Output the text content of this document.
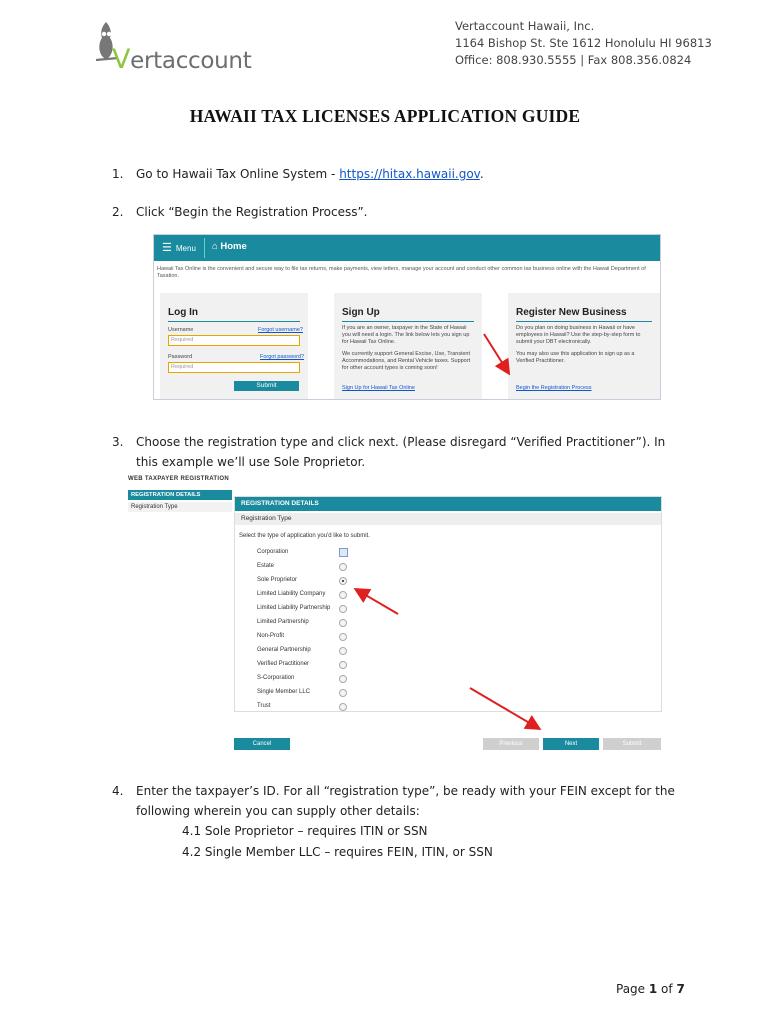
Vertaccount
Vertaccount Hawaii, Inc.
1164 Bishop St. Ste 1612 Honolulu HI 96813
Office: 808.930.5555 | Fax 808.356.0824
HAWAII TAX LICENSES APPLICATION GUIDE
1. Go to Hawaii Tax Online System - https://hitax.hawaii.gov.
2. Click “Begin the Registration Process”.
☰ Menu	⌂ Home
Hawaii Tax Online is the convenient and secure way to file tax returns, make payments, view letters, manage your account and conduct other common tax business online with the Hawaii Department of Taxation.
Log In
Username	Forgot username?
Required
Password	Forgot password?
Required
Submit
Sign Up
If you are an owner, taxpayer in the State of Hawaii you will need a login. The link below lets you sign up for Hawaii Tax Online.
We currently support General Excise, Use, Transient Accommodations, and Rental Vehicle taxes. Support for other account types is coming soon!
Sign Up for Hawaii Tax Online
Register New Business
Do you plan on doing business in Hawaii or have employees in Hawaii? Use the step-by-step form to submit your DBT electronically.
You may also use this application to sign up as a Verified Practitioner.
Begin the Registration Process
3. Choose the registration type and click next. (Please disregard “Verified Practitioner”). In this example we’ll use Sole Proprietor.
WEB TAXPAYER REGISTRATION
REGISTRATION DETAILS
Registration Type	REGISTRATION DETAILS
Registration Type
Select the type of application you'd like to submit.
Corporation
Estate
Sole Proprietor
Limited Liability Company
Limited Liability Partnership
Limited Partnership
Non-Profit
General Partnership
Verified Practitioner
S-Corporation
Single Member LLC
Trust
Cancel	Previous	Next	Submit
4. Enter the taxpayer’s ID. For all “registration type”, be ready with your FEIN except for the following wherein you can supply other details:
4.1 Sole Proprietor – requires ITIN or SSN
4.2 Single Member LLC – requires FEIN, ITIN, or SSN
Page 1 of 7
